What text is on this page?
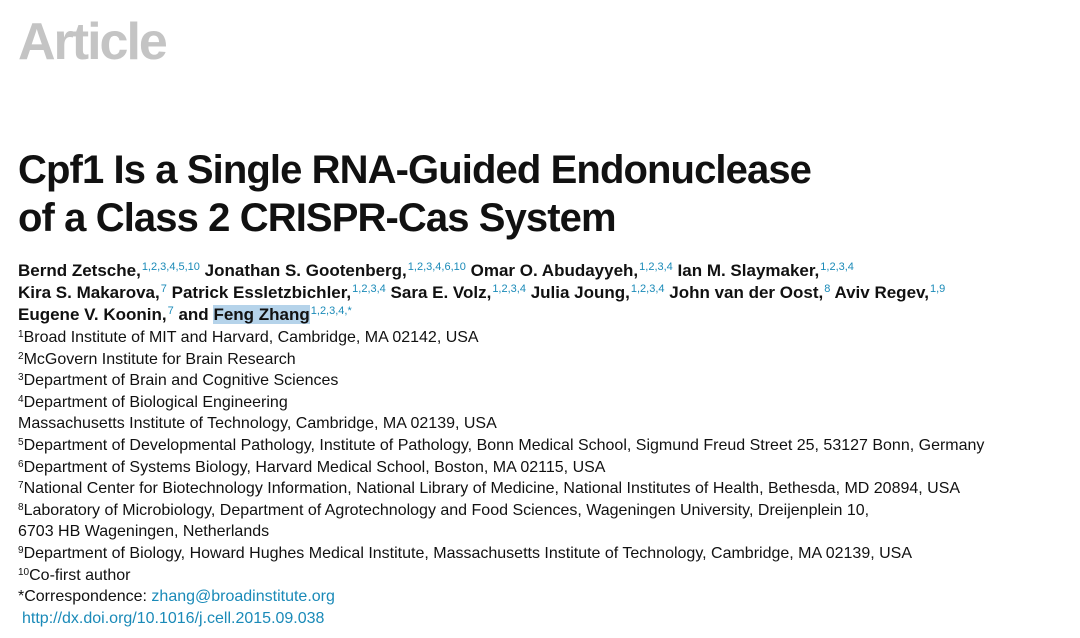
Article
Cpf1 Is a Single RNA-Guided Endonuclease
of a Class 2 CRISPR-Cas System
Bernd Zetsche,$^{1,2,3,4,5,10}$ Jonathan S. Gootenberg,$^{1,2,3,4,6,10}$ Omar O. Abudayyeh,$^{1,2,3,4}$ Ian M. Slaymaker,$^{1,2,3,4}$
Kira S. Makarova,$^7$ Patrick Essletzbichler,$^{1,2,3,4}$ Sara E. Volz,$^{1,2,3,4}$ Julia Joung,$^{1,2,3,4}$ John van der Oost,$^8$ Aviv Regev,$^{1,9}$
Eugene V. Koonin,$^7$ and Feng Zhang$^{1,2,3,4,*}$
$^1$Broad Institute of MIT and Harvard, Cambridge, MA 02142, USA
$^2$McGovern Institute for Brain Research
$^3$Department of Brain and Cognitive Sciences
$^4$Department of Biological Engineering
Massachusetts Institute of Technology, Cambridge, MA 02139, USA
$^5$Department of Developmental Pathology, Institute of Pathology, Bonn Medical School, Sigmund Freud Street 25, 53127 Bonn, Germany
$^6$Department of Systems Biology, Harvard Medical School, Boston, MA 02115, USA
$^7$National Center for Biotechnology Information, National Library of Medicine, National Institutes of Health, Bethesda, MD 20894, USA
$^8$Laboratory of Microbiology, Department of Agrotechnology and Food Sciences, Wageningen University, Dreijenplein 10,
6703 HB Wageningen, Netherlands
$^9$Department of Biology, Howard Hughes Medical Institute, Massachusetts Institute of Technology, Cambridge, MA 02139, USA
$^{10}$Co-first author
*Correspondence: zhang@broadinstitute.org
http://dx.doi.org/10.1016/j.cell.2015.09.038
